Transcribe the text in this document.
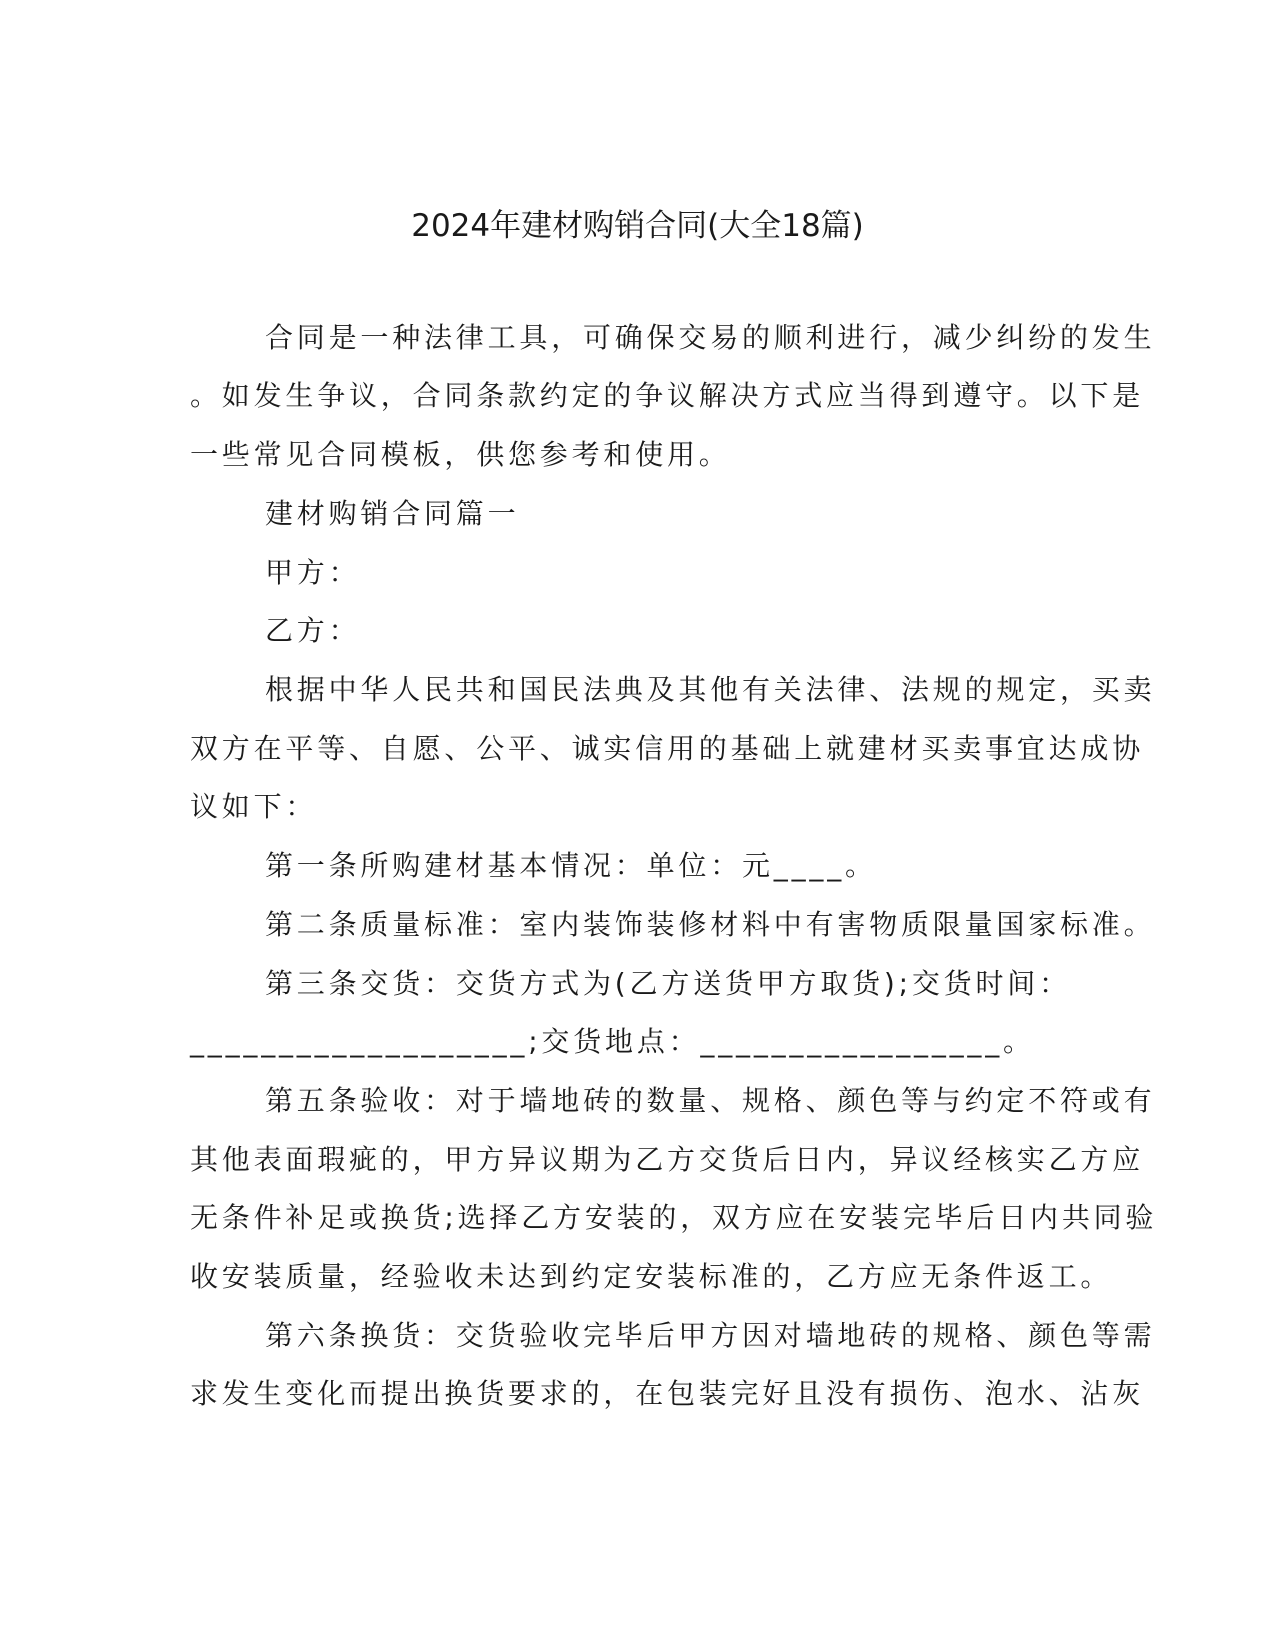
2024年建材购销合同(大全18篇)
合同是一种法律工具，可确保交易的顺利进行，减少纠纷的发生
。如发生争议，合同条款约定的争议解决方式应当得到遵守。以下是
一些常见合同模板，供您参考和使用。
建材购销合同篇一
甲方：
乙方：
根据中华人民共和国民法典及其他有关法律、法规的规定，买卖
双方在平等、自愿、公平、诚实信用的基础上就建材买卖事宜达成协
议如下：
第一条所购建材基本情况：单位：元____。
第二条质量标准：室内装饰装修材料中有害物质限量国家标准。
第三条交货：交货方式为(乙方送货甲方取货);交货时间：
___________________;交货地点：_________________。
第五条验收：对于墙地砖的数量、规格、颜色等与约定不符或有
其他表面瑕疵的，甲方异议期为乙方交货后日内，异议经核实乙方应
无条件补足或换货;选择乙方安装的，双方应在安装完毕后日内共同验
收安装质量，经验收未达到约定安装标准的，乙方应无条件返工。
第六条换货：交货验收完毕后甲方因对墙地砖的规格、颜色等需
求发生变化而提出换货要求的，在包装完好且没有损伤、泡水、沾灰
